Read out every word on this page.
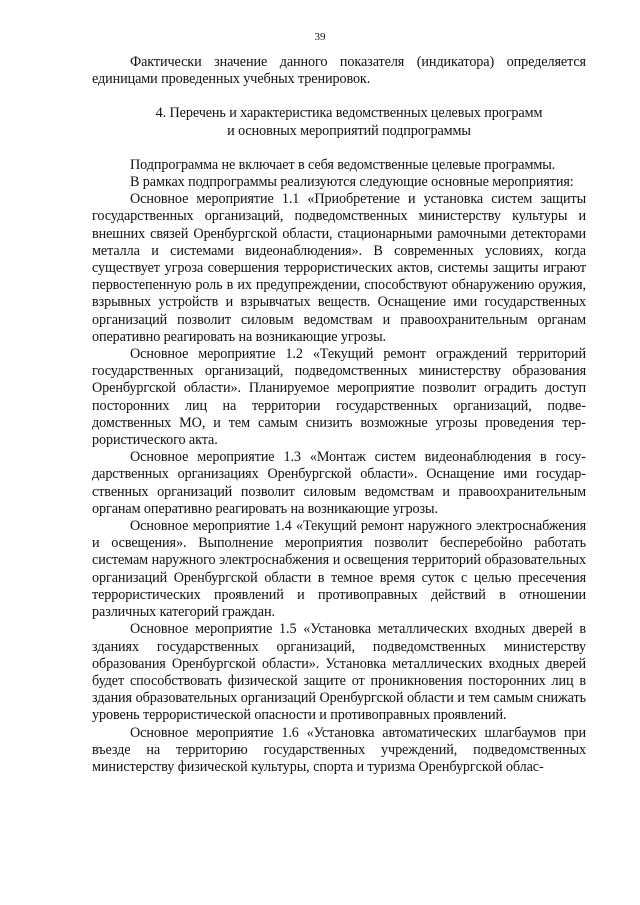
39

Фактически значение данного показателя (индикатора) определяется единицами проведенных учебных тренировок.

4. Перечень и характеристика ведомственных целевых программ
и основных мероприятий подпрограммы

Подпрограмма не включает в себя ведомственные целевые программы.

В рамках подпрограммы реализуются следующие основные мероприятия:

Основное мероприятие 1.1 «Приобретение и установка систем защиты государственных организаций, подведомственных министерству культуры и внешних связей Оренбургской области, стационарными рамочными детекторами металла и системами видеонаблюдения». В современных условиях, когда существует угроза совершения террористических актов, системы защиты играют первостепенную роль в их предупреждении, способствуют обнаружению оружия, взрывных устройств и взрывчатых веществ. Оснащение ими государственных организаций позволит силовым ведомствам и правоохранительным органам оперативно реагировать на возникающие угрозы.

Основное мероприятие 1.2 «Текущий ремонт ограждений территорий государственных организаций, подведомственных министерству образования Оренбургской области». Планируемое мероприятие позволит оградить доступ посторонних лиц на территории государственных организаций, подведомственных МО, и тем самым снизить возможные угрозы проведения террористического акта.

Основное мероприятие 1.3 «Монтаж систем видеонаблюдения в государственных организациях Оренбургской области». Оснащение ими государственных организаций позволит силовым ведомствам и правоохранительным органам оперативно реагировать на возникающие угрозы.

Основное мероприятие 1.4 «Текущий ремонт наружного электроснабжения и освещения». Выполнение мероприятия позволит бесперебойно работать системам наружного электроснабжения и освещения территорий образовательных организаций Оренбургской области в темное время суток с целью пресечения террористических проявлений и противоправных действий в отношении различных категорий граждан.

Основное мероприятие 1.5 «Установка металлических входных дверей в зданиях государственных организаций, подведомственных министерству образования Оренбургской области». Установка металлических входных дверей будет способствовать физической защите от проникновения посторонних лиц в здания образовательных организаций Оренбургской области и тем самым снижать уровень террористической опасности и противоправных проявлений.

Основное мероприятие 1.6 «Установка автоматических шлагбаумов при въезде на территорию государственных учреждений, подведомственных министерству физической культуры, спорта и туризма Оренбургской облас-
